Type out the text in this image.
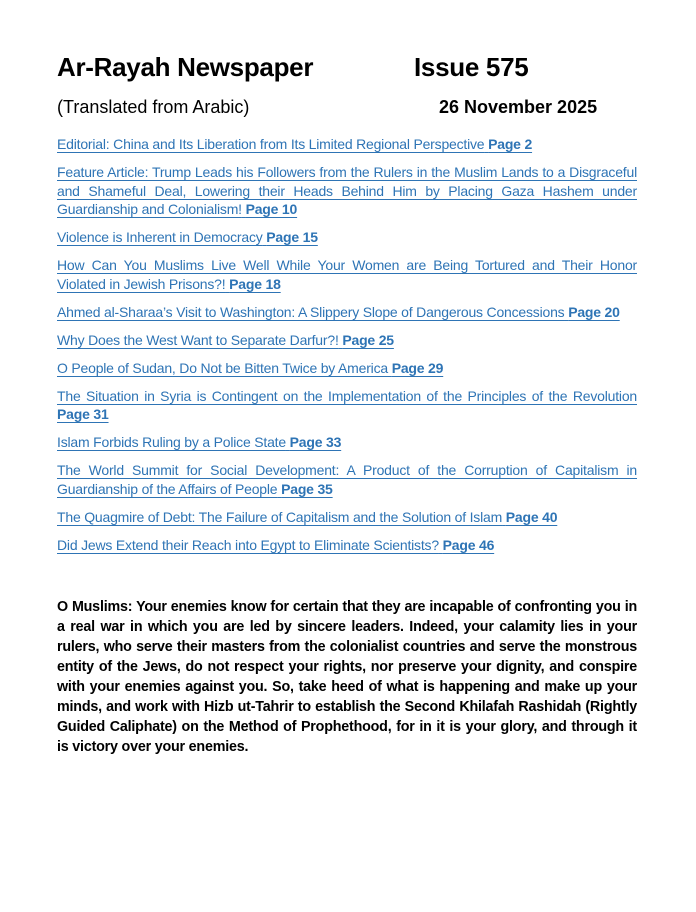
Ar-Rayah Newspaper	Issue 575
(Translated from Arabic)	26 November 2025

Editorial: China and Its Liberation from Its Limited Regional Perspective Page 2

Feature Article: Trump Leads his Followers from the Rulers in the Muslim Lands to a Disgraceful and Shameful Deal, Lowering their Heads Behind Him by Placing Gaza Hashem under Guardianship and Colonialism! Page 10

Violence is Inherent in Democracy Page 15

How Can You Muslims Live Well While Your Women are Being Tortured and Their Honor Violated in Jewish Prisons?! Page 18

Ahmed al-Sharaa’s Visit to Washington: A Slippery Slope of Dangerous Concessions Page 20

Why Does the West Want to Separate Darfur?! Page 25

O People of Sudan, Do Not be Bitten Twice by America Page 29

The Situation in Syria is Contingent on the Implementation of the Principles of the Revolution Page 31

Islam Forbids Ruling by a Police State Page 33

The World Summit for Social Development: A Product of the Corruption of Capitalism in Guardianship of the Affairs of People Page 35

The Quagmire of Debt: The Failure of Capitalism and the Solution of Islam Page 40

Did Jews Extend their Reach into Egypt to Eliminate Scientists? Page 46

O Muslims: Your enemies know for certain that they are incapable of confronting you in a real war in which you are led by sincere leaders. Indeed, your calamity lies in your rulers, who serve their masters from the colonialist countries and serve the monstrous entity of the Jews, do not respect your rights, nor preserve your dignity, and conspire with your enemies against you. So, take heed of what is happening and make up your minds, and work with Hizb ut-Tahrir to establish the Second Khilafah Rashidah (Rightly Guided Caliphate) on the Method of Prophethood, for in it is your glory, and through it is victory over your enemies.
